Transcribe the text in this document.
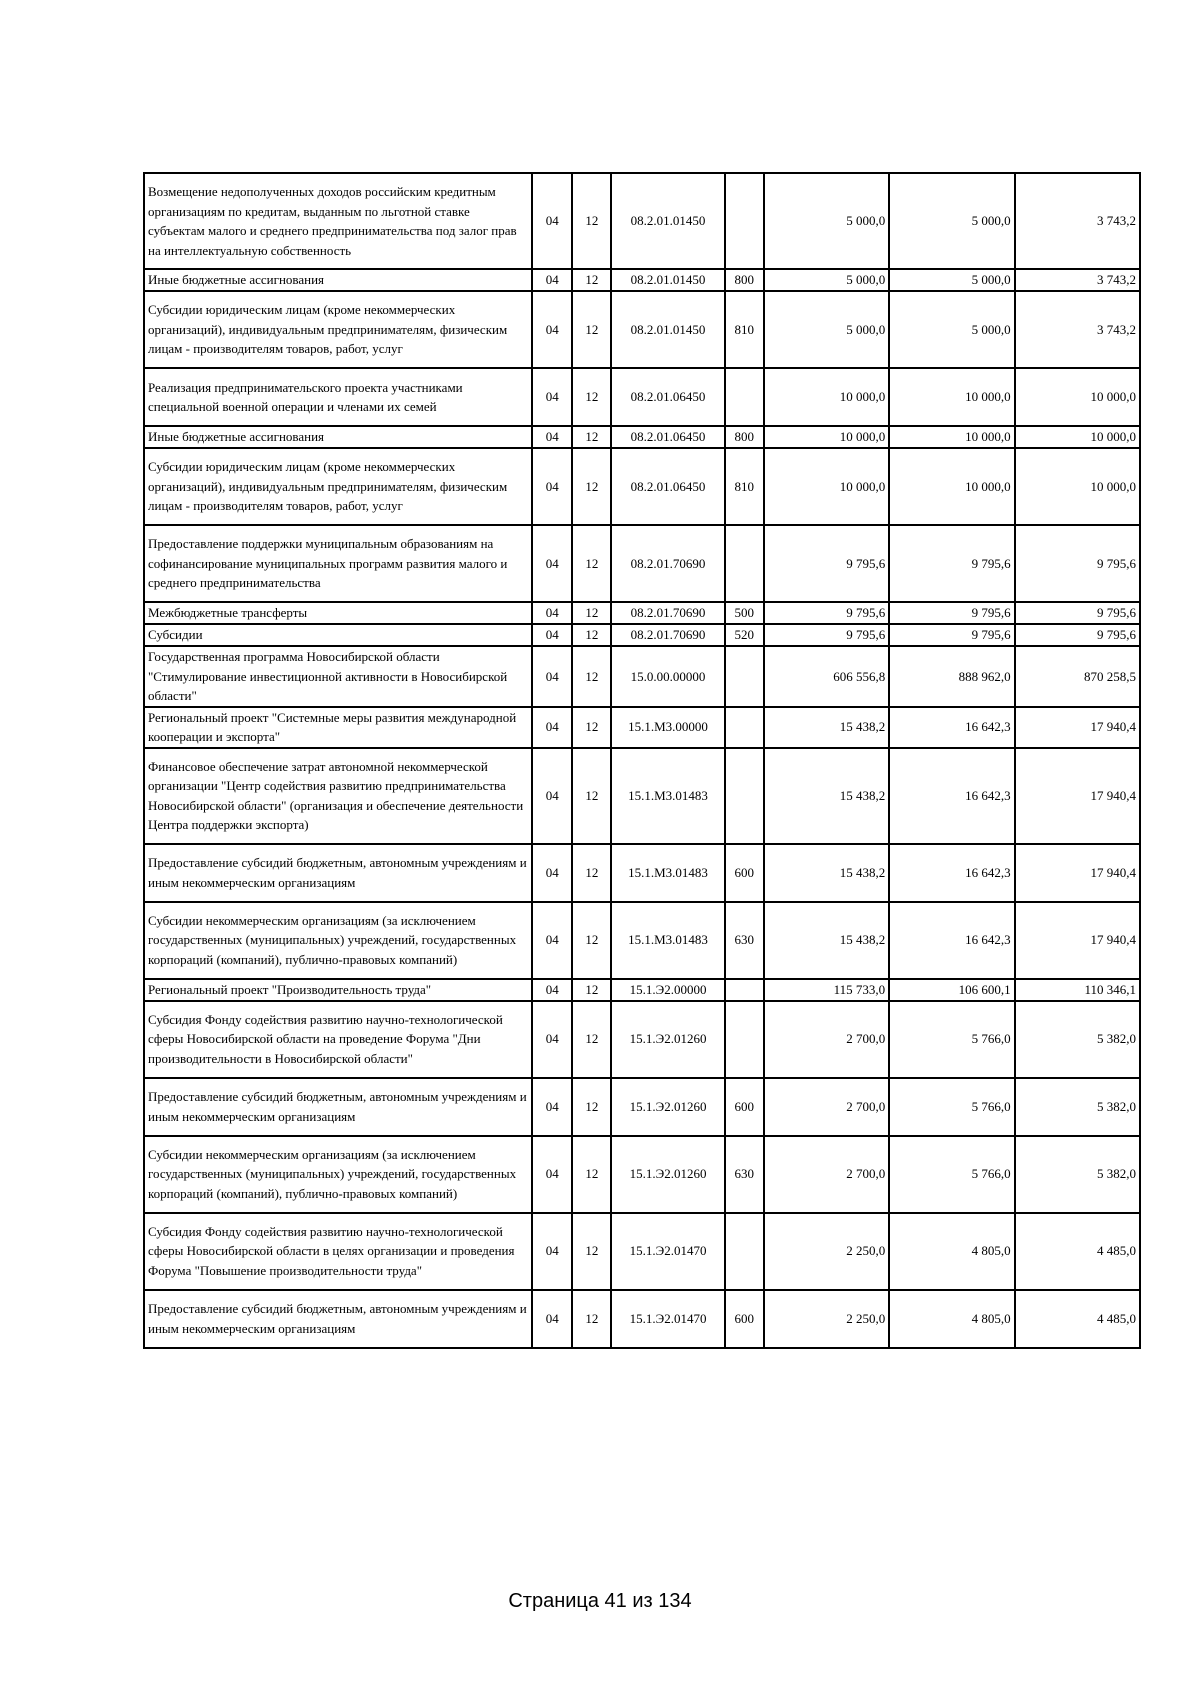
Возмещение недополученных доходов российским кредитным организациям по кредитам, выданным по льготной ставке субъектам малого и среднего предпринимательства под залог прав на интеллектуальную собственность	04	12	08.2.01.01450		5 000,0	5 000,0	3 743,2
Иные бюджетные ассигнования	04	12	08.2.01.01450	800	5 000,0	5 000,0	3 743,2
Субсидии юридическим лицам (кроме некоммерческих организаций), индивидуальным предпринимателям, физическим лицам - производителям товаров, работ, услуг	04	12	08.2.01.01450	810	5 000,0	5 000,0	3 743,2
Реализация предпринимательского проекта участниками специальной военной операции и членами их семей	04	12	08.2.01.06450		10 000,0	10 000,0	10 000,0
Иные бюджетные ассигнования	04	12	08.2.01.06450	800	10 000,0	10 000,0	10 000,0
Субсидии юридическим лицам (кроме некоммерческих организаций), индивидуальным предпринимателям, физическим лицам - производителям товаров, работ, услуг	04	12	08.2.01.06450	810	10 000,0	10 000,0	10 000,0
Предоставление поддержки муниципальным образованиям на софинансирование муниципальных программ развития малого и среднего предпринимательства	04	12	08.2.01.70690		9 795,6	9 795,6	9 795,6
Межбюджетные трансферты	04	12	08.2.01.70690	500	9 795,6	9 795,6	9 795,6
Субсидии	04	12	08.2.01.70690	520	9 795,6	9 795,6	9 795,6
Государственная программа Новосибирской области "Стимулирование инвестиционной активности в Новосибирской области"	04	12	15.0.00.00000		606 556,8	888 962,0	870 258,5
Региональный проект "Системные меры развития международной кооперации и экспорта"	04	12	15.1.М3.00000		15 438,2	16 642,3	17 940,4
Финансовое обеспечение затрат автономной некоммерческой организации "Центр содействия развитию предпринимательства Новосибирской области" (организация и обеспечение деятельности Центра поддержки экспорта)	04	12	15.1.М3.01483		15 438,2	16 642,3	17 940,4
Предоставление субсидий бюджетным, автономным учреждениям и иным некоммерческим организациям	04	12	15.1.М3.01483	600	15 438,2	16 642,3	17 940,4
Субсидии некоммерческим организациям (за исключением государственных (муниципальных) учреждений, государственных корпораций (компаний), публично-правовых компаний)	04	12	15.1.М3.01483	630	15 438,2	16 642,3	17 940,4
Региональный проект "Производительность труда"	04	12	15.1.Э2.00000		115 733,0	106 600,1	110 346,1
Субсидия Фонду содействия развитию научно-технологической сферы Новосибирской области на проведение Форума "Дни производительности в Новосибирской области"	04	12	15.1.Э2.01260		2 700,0	5 766,0	5 382,0
Предоставление субсидий бюджетным, автономным учреждениям и иным некоммерческим организациям	04	12	15.1.Э2.01260	600	2 700,0	5 766,0	5 382,0
Субсидии некоммерческим организациям (за исключением государственных (муниципальных) учреждений, государственных корпораций (компаний), публично-правовых компаний)	04	12	15.1.Э2.01260	630	2 700,0	5 766,0	5 382,0
Субсидия Фонду содействия развитию научно-технологической сферы Новосибирской области в целях организации и проведения Форума "Повышение производительности труда"	04	12	15.1.Э2.01470		2 250,0	4 805,0	4 485,0
Предоставление субсидий бюджетным, автономным учреждениям и иным некоммерческим организациям	04	12	15.1.Э2.01470	600	2 250,0	4 805,0	4 485,0
Страница 41 из 134
